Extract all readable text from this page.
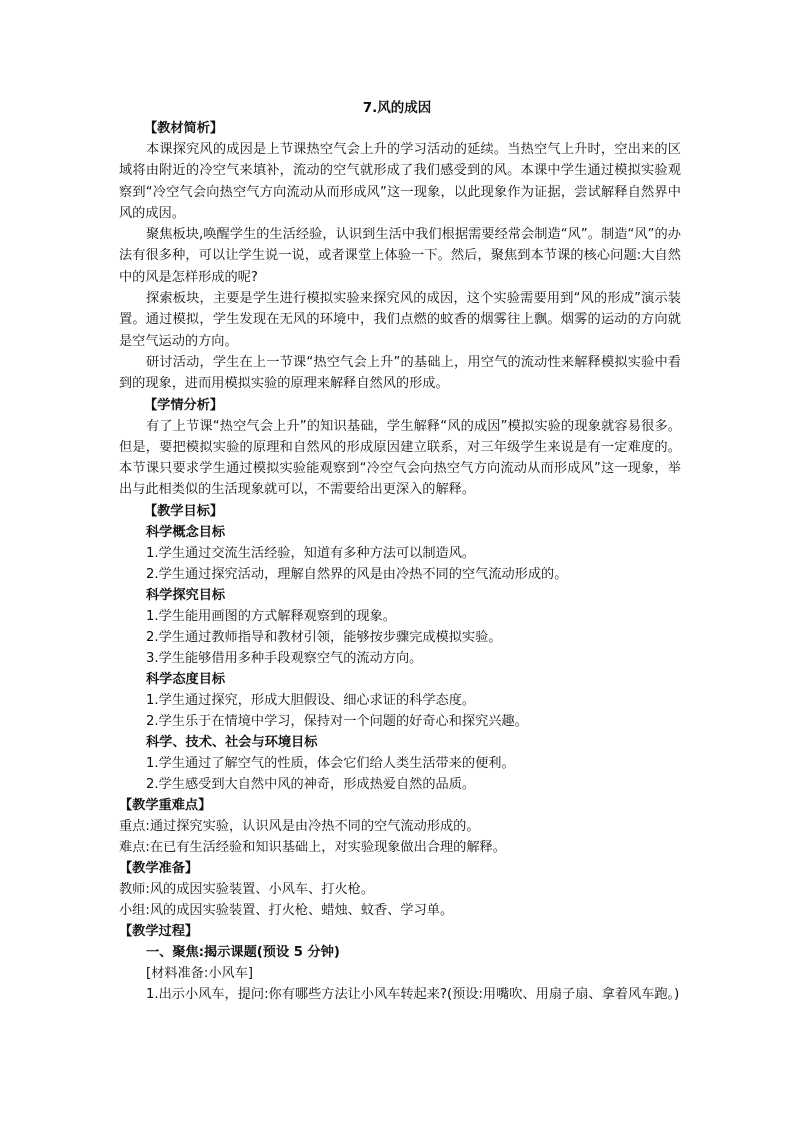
7.风的成因
【教材简析】

本课探究风的成因是上节课热空气会上升的学习活动的延续。当热空气上升时，空出来的区域将由附近的冷空气来填补，流动的空气就形成了我们感受到的风。本课中学生通过模拟实验观察到“冷空气会向热空气方向流动从而形成风”这一现象，以此现象作为证据，尝试解释自然界中风的成因。

聚焦板块,唤醒学生的生活经验，认识到生活中我们根据需要经常会制造“风”。制造“风”的办法有很多种，可以让学生说一说，或者课堂上体验一下。然后，聚焦到本节课的核心问题:大自然中的风是怎样形成的呢?

探索板块，主要是学生进行模拟实验来探究风的成因，这个实验需要用到“风的形成”演示装置。通过模拟，学生发现在无风的环境中，我们点燃的蚊香的烟雾往上飘。烟雾的运动的方向就是空气运动的方向。

研讨活动，学生在上一节课“热空气会上升”的基础上，用空气的流动性来解释模拟实验中看到的现象，进而用模拟实验的原理来解释自然风的形成。

【学情分析】

有了上节课“热空气会上升”的知识基础，学生解释“风的成因”模拟实验的现象就容易很多。但是，要把模拟实验的原理和自然风的形成原因建立联系，对三年级学生来说是有一定难度的。本节课只要求学生通过模拟实验能观察到“冷空气会向热空气方向流动从而形成风”这一现象，举出与此相类似的生活现象就可以，不需要给出更深入的解释。

【教学目标】
科学概念目标
1.学生通过交流生活经验，知道有多种方法可以制造风。
2.学生通过探究活动，理解自然界的风是由冷热不同的空气流动形成的。
科学探究目标
1.学生能用画图的方式解释观察到的现象。
2.学生通过教师指导和教材引领，能够按步骤完成模拟实验。
3.学生能够借用多种手段观察空气的流动方向。
科学态度目标
1.学生通过探究，形成大胆假设、细心求证的科学态度。
2.学生乐于在情境中学习，保持对一个问题的好奇心和探究兴趣。
科学、技术、社会与环境目标
1.学生通过了解空气的性质，体会它们给人类生活带来的便利。
2.学生感受到大自然中风的神奇，形成热爱自然的品质。
【教学重难点】
重点:通过探究实验，认识风是由冷热不同的空气流动形成的。
难点:在已有生活经验和知识基础上，对实验现象做出合理的解释。
【教学准备】
教师:风的成因实验装置、小风车、打火枪。
小组:风的成因实验装置、打火枪、蜡烛、蚊香、学习单。
【教学过程】
一、聚焦:揭示课题(预设 5 分钟)
[材料准备:小风车]

1.出示小风车，提问:你有哪些方法让小风车转起来?(预设:用嘴吹、用扇子扇、拿着风车跑。)
